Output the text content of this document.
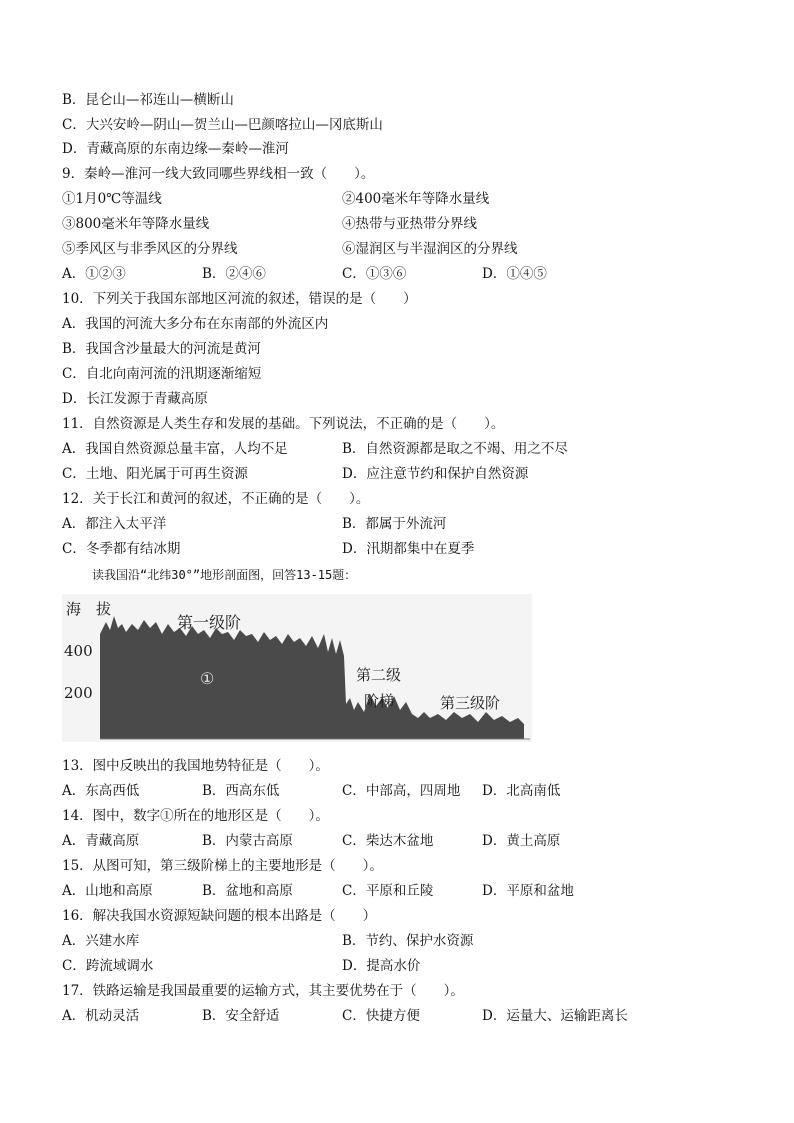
B．昆仑山—祁连山—横断山
C．大兴安岭—阴山—贺兰山—巴颜喀拉山—冈底斯山
D．青藏高原的东南边缘—秦岭—淮河
9．秦岭—淮河一线大致同哪些界线相一致（　　）。
①1月0℃等温线	②400毫米年等降水量线
③800毫米年等降水量线	④热带与亚热带分界线
⑤季风区与非季风区的分界线	⑥湿润区与半湿润区的分界线
A．①②③	B．②④⑥	C．①③⑥	D．①④⑤
10．下列关于我国东部地区河流的叙述，错误的是（　　）
A．我国的河流大多分布在东南部的外流区内
B．我国含沙量最大的河流是黄河
C．自北向南河流的汛期逐渐缩短
D．长江发源于青藏高原
11．自然资源是人类生存和发展的基础。下列说法，不正确的是（　　）。
A．我国自然资源总量丰富，人均不足	B．自然资源都是取之不竭、用之不尽
C．土地、阳光属于可再生资源	D．应注意节约和保护自然资源
12．关于长江和黄河的叙述，不正确的是（　　）。
A．都注入太平洋	B．都属于外流河
C．冬季都有结冰期	D．汛期都集中在夏季
读我国沿“北纬30°”地形剖面图，回答13-15题：
海　拔
400
200
第一级阶
①	第二级
阶梯	第三级阶
13．图中反映出的我国地势特征是（　　）。
A．东高西低	B．西高东低	C．中部高，四周地 D．北高南低
14．图中，数字①所在的地形区是（　　）。
A．青藏高原	B．内蒙古高原	C．柴达木盆地	D．黄土高原
15．从图可知，第三级阶梯上的主要地形是（　　）。
A．山地和高原	B．盆地和高原	C．平原和丘陵	D．平原和盆地
16．解决我国水资源短缺问题的根本出路是（　　）
A．兴建水库	B．节约、保护水资源
C．跨流域调水	D．提高水价
17．铁路运输是我国最重要的运输方式，其主要优势在于（　　）。
A．机动灵活	B．安全舒适	C．快捷方便	D．运量大、运输距离长
